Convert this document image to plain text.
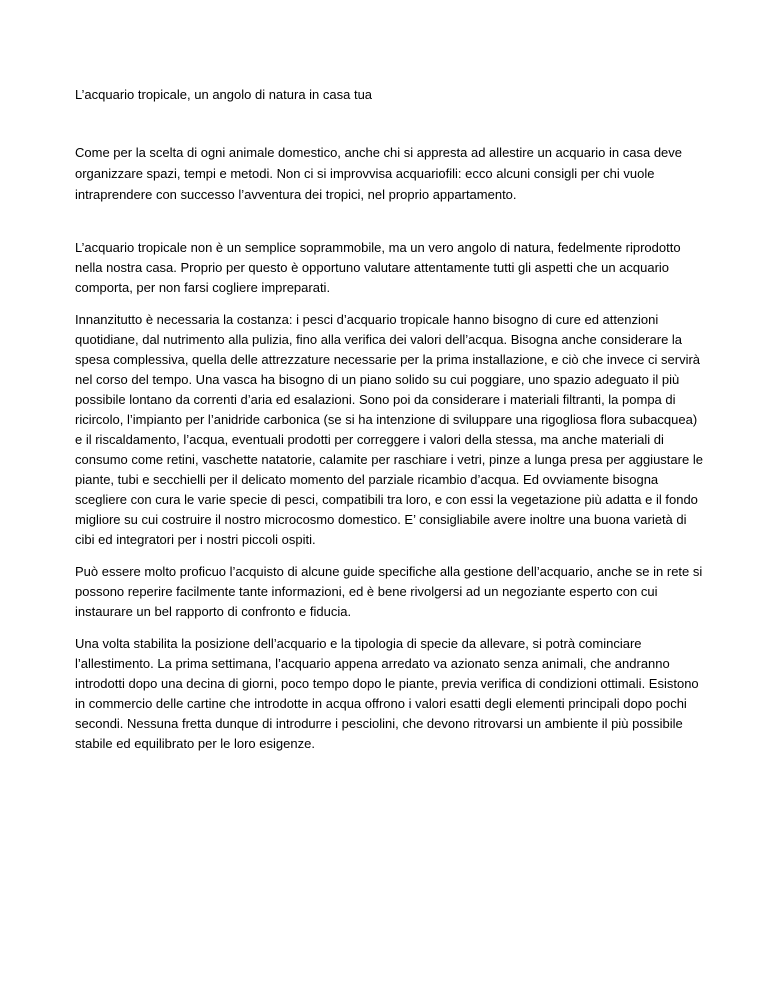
L’acquario tropicale, un angolo di natura in casa tua

Come per la scelta di ogni animale domestico, anche chi si appresta ad allestire un acquario in casa deve organizzare spazi, tempi e metodi. Non ci si improvvisa acquariofili: ecco alcuni consigli per chi vuole intraprendere con successo l’avventura dei tropici, nel proprio appartamento.

L’acquario tropicale non è un semplice soprammobile, ma un vero angolo di natura, fedelmente riprodotto nella nostra casa. Proprio per questo è opportuno valutare attentamente tutti gli aspetti che un acquario comporta, per non farsi cogliere impreparati.

Innanzitutto è necessaria la costanza: i pesci d’acquario tropicale hanno bisogno di cure ed attenzioni quotidiane, dal nutrimento alla pulizia, fino alla verifica dei valori dell’acqua. Bisogna anche considerare la spesa complessiva, quella delle attrezzature necessarie per la prima installazione, e ciò che invece ci servirà nel corso del tempo. Una vasca ha bisogno di un piano solido su cui poggiare, uno spazio adeguato il più possibile lontano da correnti d’aria ed esalazioni. Sono poi da considerare i materiali filtranti, la pompa di ricircolo, l’impianto per l’anidride carbonica (se si ha intenzione di sviluppare una rigogliosa flora subacquea) e il riscaldamento, l’acqua, eventuali prodotti per correggere i valori della stessa, ma anche materiali di consumo come retini, vaschette natatorie, calamite per raschiare i vetri, pinze a lunga presa per aggiustare le piante, tubi e secchielli per il delicato momento del parziale ricambio d’acqua. Ed ovviamente bisogna scegliere con cura le varie specie di pesci, compatibili tra loro, e con essi la vegetazione più adatta e il fondo migliore su cui costruire il nostro microcosmo domestico. E’ consigliabile avere inoltre una buona varietà di cibi ed integratori per i nostri piccoli ospiti.

Può essere molto proficuo l’acquisto di alcune guide specifiche alla gestione dell’acquario, anche se in rete si possono reperire facilmente tante informazioni, ed è bene rivolgersi ad un negoziante esperto con cui instaurare un bel rapporto di confronto e fiducia.

Una volta stabilita la posizione dell’acquario e la tipologia di specie da allevare, si potrà cominciare l’allestimento. La prima settimana, l’acquario appena arredato va azionato senza animali, che andranno introdotti dopo una decina di giorni, poco tempo dopo le piante, previa verifica di condizioni ottimali. Esistono in commercio delle cartine che introdotte in acqua offrono i valori esatti degli elementi principali dopo pochi secondi. Nessuna fretta dunque di introdurre i pesciolini, che devono ritrovarsi un ambiente il più possibile stabile ed equilibrato per le loro esigenze.
